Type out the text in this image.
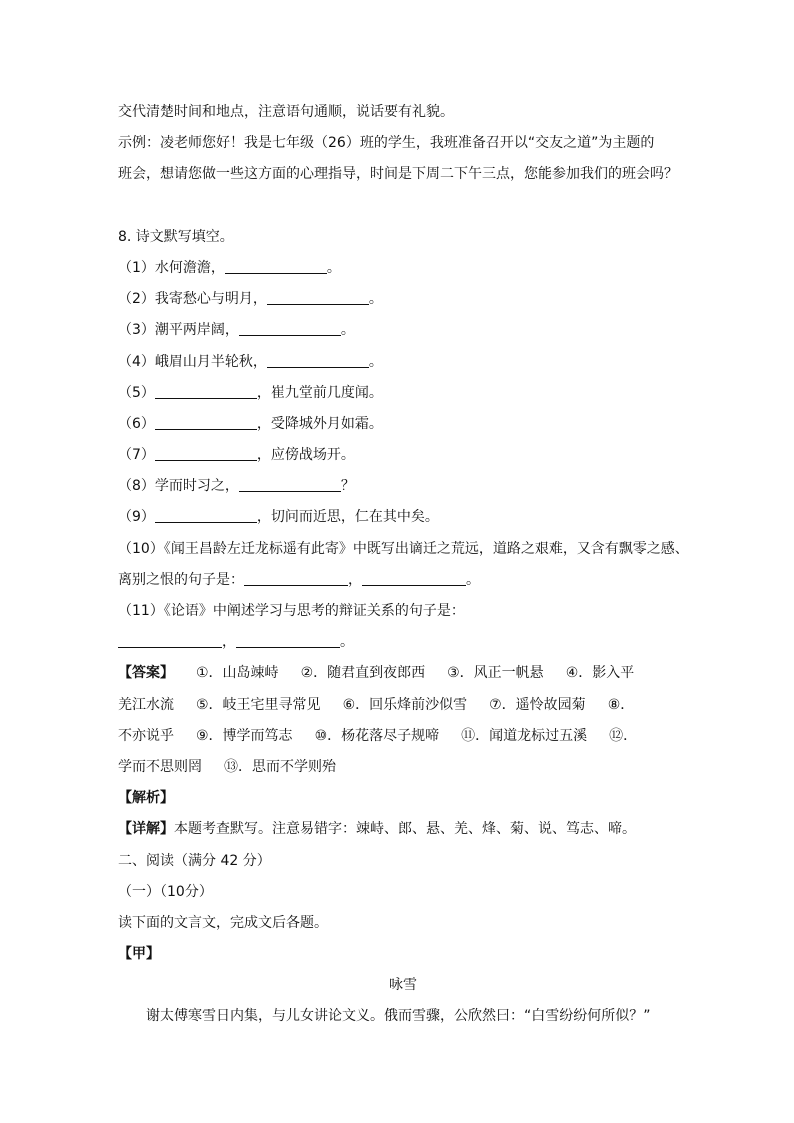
交代清楚时间和地点，注意语句通顺，说话要有礼貌。
示例：凌老师您好！我是七年级（26）班的学生，我班准备召开以“交友之道”为主题的
班会，想请您做一些这方面的心理指导，时间是下周二下午三点，您能参加我们的班会吗？
8. 诗文默写填空。
（1）水何澹澹，	。
（2）我寄愁心与明月，	。
（3）潮平两岸阔，	。
（4）峨眉山月半轮秋，	。
（5）	，崔九堂前几度闻。
（6）	，受降城外月如霜。
（7）	，应傍战场开。
（8）学而时习之，	？
（9）	，切问而近思，仁在其中矣。
（10）《闻王昌龄左迁龙标遥有此寄》中既写出谪迁之荒远，道路之艰难，又含有飘零之感、
离别之恨的句子是：	，	。
（11）《论语》中阐述学习与思考的辩证关系的句子是：
，	。
【答案】 ①．山岛竦峙 ②．随君直到夜郎西 ③．风正一帆悬 ④．影入平
羌江水流 ⑤．岐王宅里寻常见 ⑥．回乐烽前沙似雪 ⑦．遥怜故园菊 ⑧．
不亦说乎 ⑨．博学而笃志 ⑩．杨花落尽子规啼 ⑪．闻道龙标过五溪 ⑫．
学而不思则罔 ⑬．思而不学则殆
【解析】
【详解】本题考查默写。注意易错字：竦峙、郎、悬、羌、烽、菊、说、笃志、啼。
二、阅读（满分 42 分）
（一）（10分）
读下面的文言文，完成文后各题。
【甲】
咏雪
谢太傅寒雪日内集，与儿女讲论文义。俄而雪骤，公欣然曰：“白雪纷纷何所似？”
